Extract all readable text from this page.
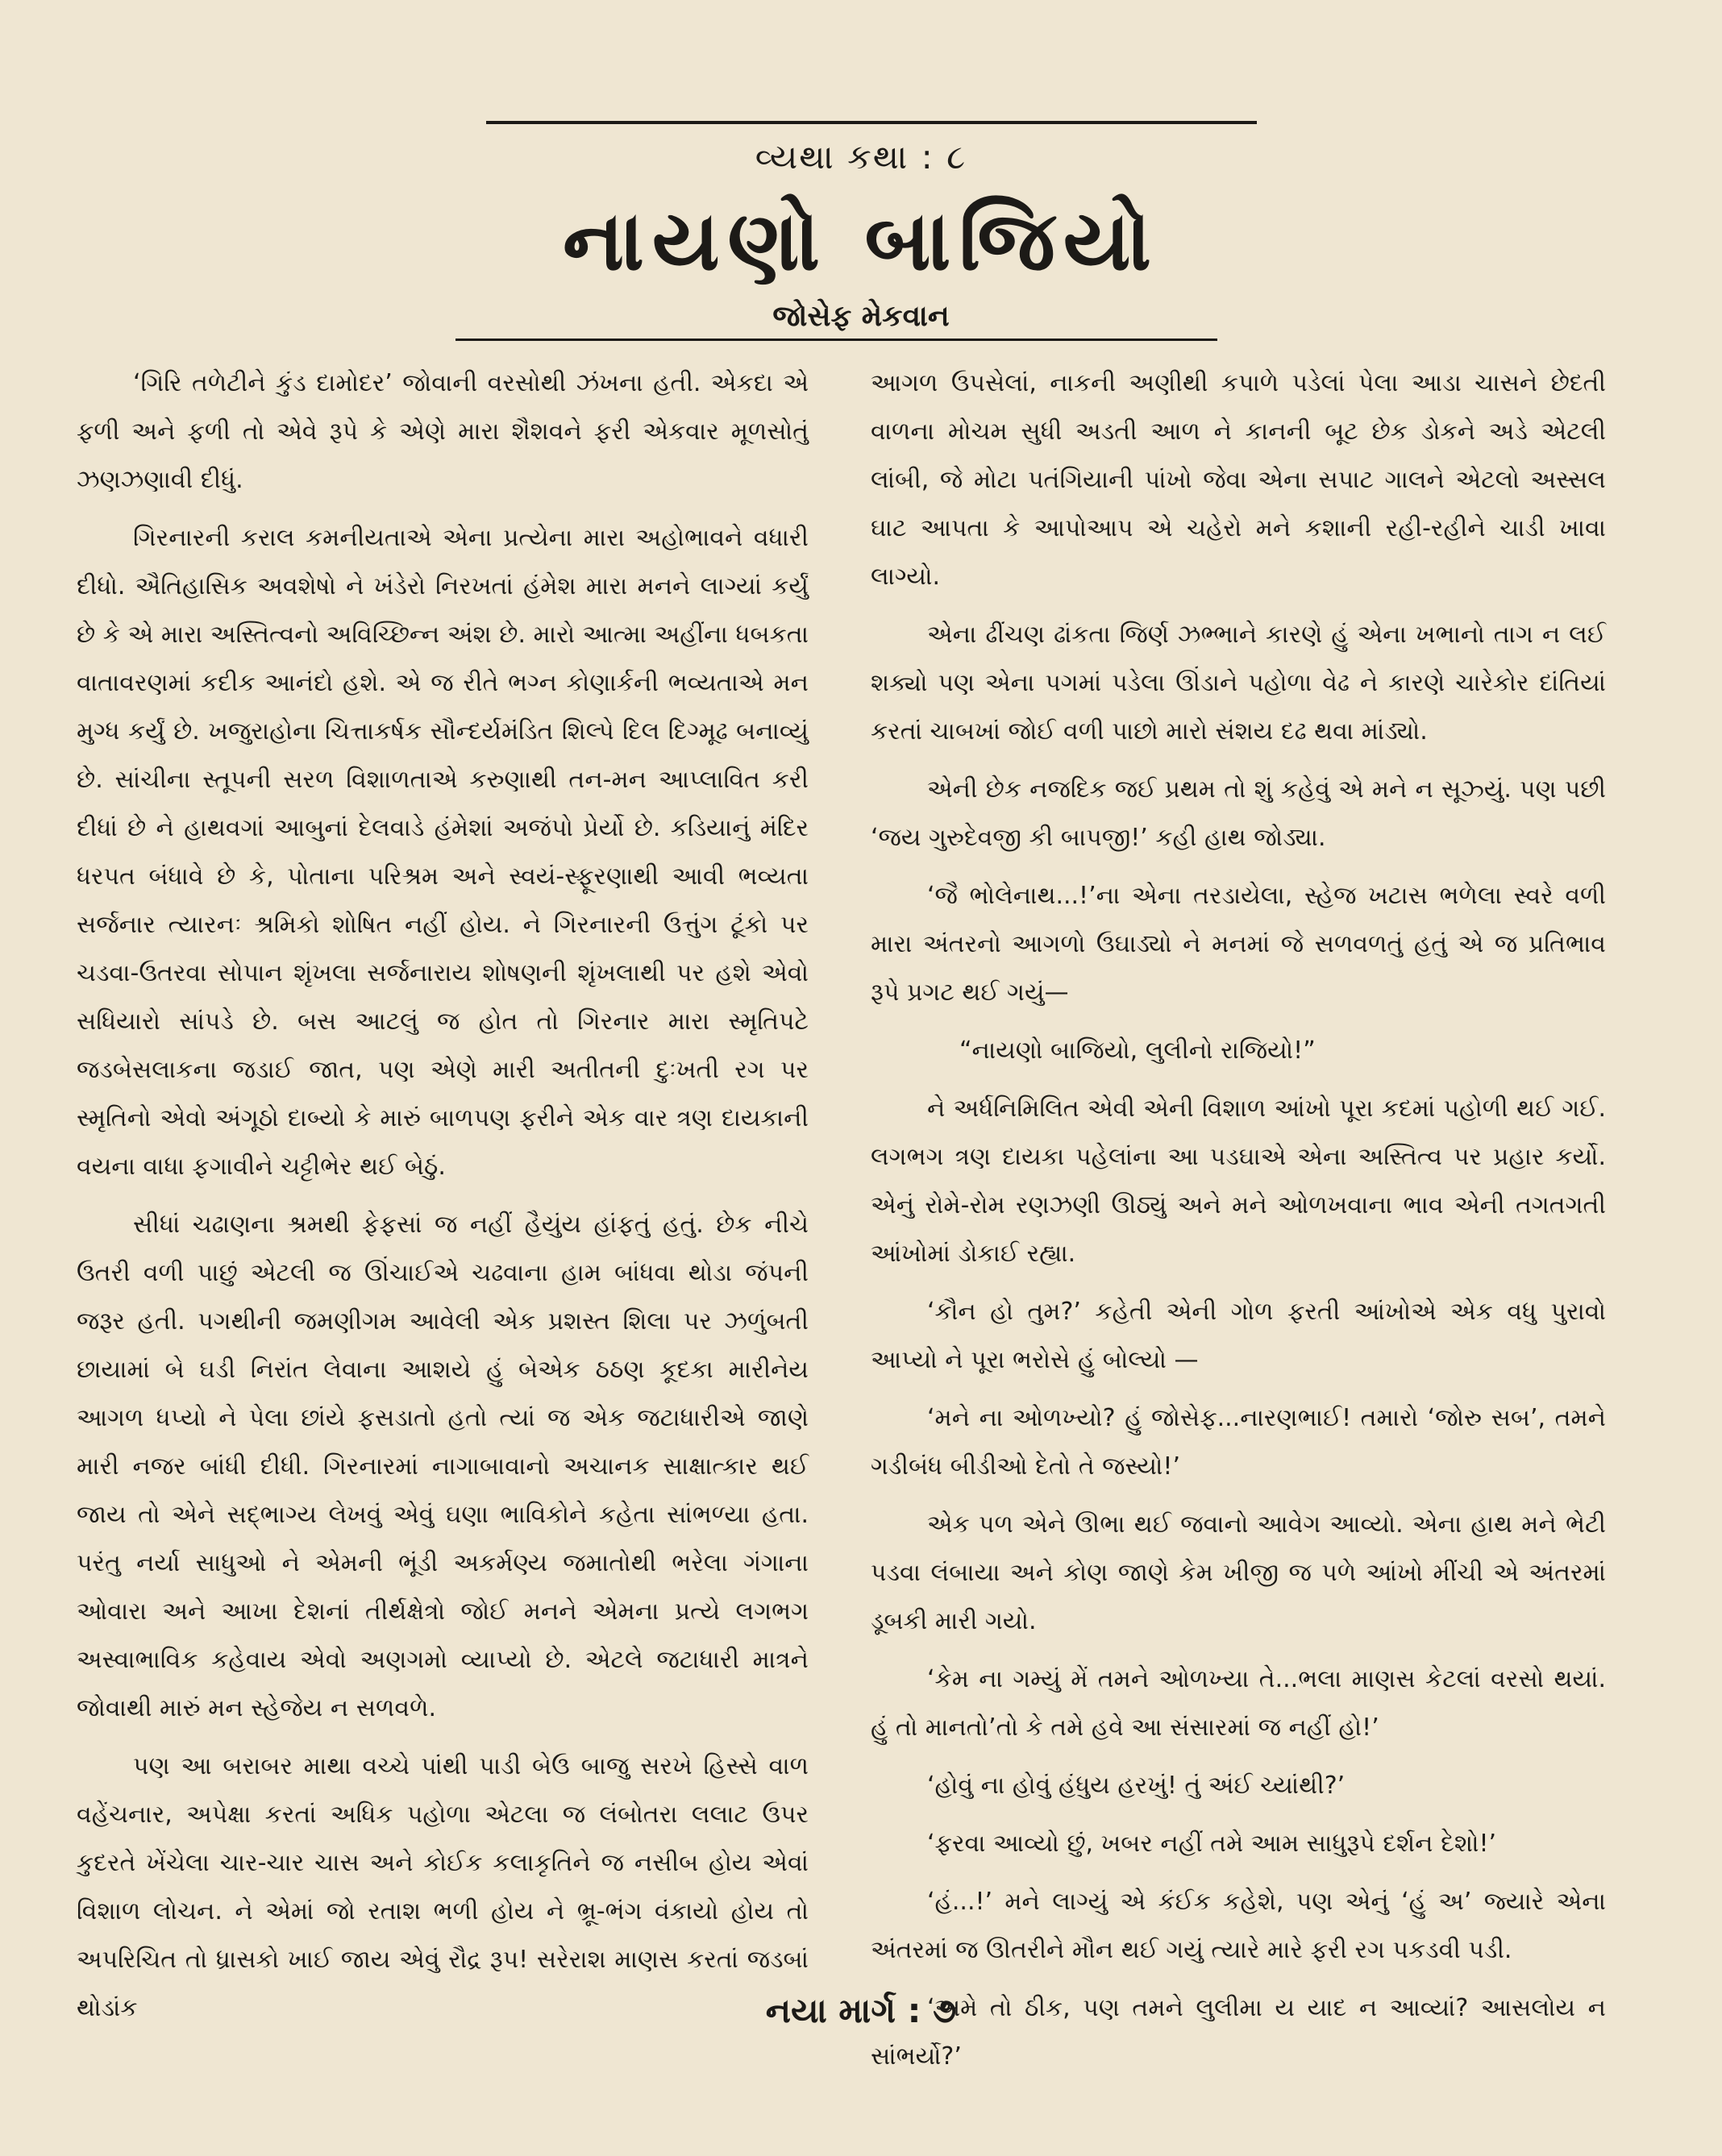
વ્યથા કથા : ૮
નાયણો બાજિયો
જોસેફ મેકવાન

‘ગિરિ તળેટીને કુંડ દામોદર’ જોવાની વરસોથી ઝંખના હતી. એકદા એ ફળી અને ફળી તો એવે રૂપે કે એણે મારા શૈશવને ફરી એકવાર મૂળસોતું ઝણઝણાવી દીધું.

ગિરનારની કરાલ કમનીયતાએ એના પ્રત્યેના મારા અહોભાવને વધારી દીધો. ઐતિહાસિક અવશેષો ને ખંડેરો નિરખતાં હંમેશ મારા મનને લાગ્યાં કર્યું છે કે એ મારા અસ્તિત્વનો અવિચ્છિન્ન અંશ છે. મારો આત્મા અહીંના ધબકતા વાતાવરણમાં કદીક આનંદો હશે. એ જ રીતે ભગ્ન કોણાર્કની ભવ્યતાએ મન મુગ્ધ કર્યું છે. ખજુરાહોના ચિત્તાકર્ષક સૌન્દર્યમંડિત શિલ્પે દિલ દિગ્મૂઢ બનાવ્યું છે. સાંચીના સ્તૂપની સરળ વિશાળતાએ કરુણાથી તન-મન આપ્લાવિત કરી દીધાં છે ને હાથવગાં આબુનાં દેલવાડે હંમેશાં અજંપો પ્રેર્યો છે. કડિયાનું મંદિર ધરપત બંધાવે છે કે, પોતાના પરિશ્રમ અને સ્વયં-સ્ફૂરણાથી આવી ભવ્યતા સર્જનાર ત્યારનઃ શ્રમિકો શોષિત નહીં હોય. ને ગિરનારની ઉત્તુંગ ટૂંકો પર ચડવા-ઉતરવા સોપાન શૃંખલા સર્જનારાય શોષણની શૃંખલાથી પર હશે એવો સધિયારો સાંપડે છે. બસ આટલું જ હોત તો ગિરનાર મારા સ્મૃતિપટે જડબેસલાકના જડાઈ જાત, પણ એણે મારી અતીતની દુઃખતી રગ પર સ્મૃતિનો એવો અંગૂઠો દાબ્યો કે મારું બાળપણ ફરીને એક વાર ત્રણ દાયકાની વયના વાધા ફગાવીને ચટ્ટીભેર થઈ બેઠું.

સીધાં ચઢાણના શ્રમથી ફેફસાં જ નહીં હૈયુંય હાંફતું હતું. છેક નીચે ઉતરી વળી પાછું એટલી જ ઊંચાઈએ ચઢવાના હામ બાંધવા થોડા જંપની જરૂર હતી. પગથીની જમણીગમ આવેલી એક પ્રશસ્ત શિલા પર ઝળુંબતી છાયામાં બે ઘડી નિરાંત લેવાના આશયે હું બેએક ઠઠણ કૂદકા મારીનેય આગળ ધપ્યો ને પેલા છાંયે ફસડાતો હતો ત્યાં જ એક જટાધારીએ જાણે મારી નજર બાંધી દીધી. ગિરનારમાં નાગાબાવાનો અચાનક સાક્ષાત્કાર થઈ જાય તો એને સદ્ભાગ્ય લેખવું એવું ઘણા ભાવિકોને કહેતા સાંભળ્યા હતા. પરંતુ નર્યા સાધુઓ ને એમની ભૂંડી અકર્મણ્ય જમાતોથી ભરેલા ગંગાના ઓવારા અને આખા દેશનાં તીર્થક્ષેત્રો જોઈ મનને એમના પ્રત્યે લગભગ અસ્વાભાવિક કહેવાય એવો અણગમો વ્યાપ્યો છે. એટલે જટાધારી માત્રને જોવાથી મારું મન સ્હેજેય ન સળવળે.

પણ આ બરાબર માથા વચ્ચે પાંથી પાડી બેઉ બાજુ સરખે હિસ્સે વાળ વહેંચનાર, અપેક્ષા કરતાં અધિક પહોળા એટલા જ લંબોતરા લલાટ ઉપર કુદરતે ખેંચેલા ચાર-ચાર ચાસ અને કોઈક કલાકૃતિને જ નસીબ હોય એવાં વિશાળ લોચન. ને એમાં જો રતાશ ભળી હોય ને ભ્રૂ-ભંગ વંકાયો હોય તો અપરિચિત તો ધ્રાસકો ખાઈ જાય એવું રૌદ્ર રૂપ! સરેરાશ માણસ કરતાં જડબાં થોડાંક

આગળ ઉપસેલાં, નાકની અણીથી કપાળે પડેલાં પેલા આડા ચાસને છેદતી વાળના મોચમ સુધી અડતી આળ ને કાનની બૂટ છેક ડોકને અડે એટલી લાંબી, જે મોટા પતંગિયાની પાંખો જેવા એના સપાટ ગાલને એટલો અસ્સલ ઘાટ આપતા કે આપોઆપ એ ચહેરો મને કશાની રહી-રહીને ચાડી ખાવા લાગ્યો.

એના ઢીંચણ ઢાંકતા જિર્ણ ઝભ્ભાને કારણે હું એના ખભાનો તાગ ન લઈ શક્યો પણ એના પગમાં પડેલા ઊંડાને પહોળા વેઢ ને કારણે ચારેકોર દાંતિયાં કરતાં ચાબખાં જોઈ વળી પાછો મારો સંશય દઢ થવા માંડ્યો.

એની છેક નજદિક જઈ પ્રથમ તો શું કહેવું એ મને ન સૂઝ્યું. પણ પછી ‘જય ગુરુદેવજી કી બાપજી!’ કહી હાથ જોડ્યા.

‘જૈ ભોલેનાથ...!’ના એના તરડાયેલા, સ્હેજ ખટાસ ભળેલા સ્વરે વળી મારા અંતરનો આગળો ઉઘાડ્યો ને મનમાં જે સળવળતું હતું એ જ પ્રતિભાવ રૂપે પ્રગટ થઈ ગયું—

“નાયણો બાજિયો, લુલીનો રાજિયો!”

ને અર્ધનિમિલિત એવી એની વિશાળ આંખો પૂરા કદમાં પહોળી થઈ ગઈ. લગભગ ત્રણ દાયકા પહેલાંના આ પડઘાએ એના અસ્તિત્વ પર પ્રહાર કર્યો. એનું રોમે-રોમ રણઝણી ઊઠ્યું અને મને ઓળખવાના ભાવ એની તગતગતી આંખોમાં ડોકાઈ રહ્યા.

‘કૌન હો તુમ?’ કહેતી એની ગોળ ફરતી આંખોએ એક વધુ પુરાવો આપ્યો ને પૂરા ભરોસે હું બોલ્યો —

‘મને ના ઓળખ્યો? હું જોસેફ...નારણભાઈ! તમારો ‘જોરુ સબ’, તમને ગડીબંધ બીડીઓ દેતો તે જસ્યો!’

એક પળ એને ઊભા થઈ જવાનો આવેગ આવ્યો. એના હાથ મને ભેટી પડવા લંબાયા અને કોણ જાણે કેમ ખીજી જ પળે આંખો મીંચી એ અંતરમાં ડૂબકી મારી ગયો.

‘કેમ ના ગમ્યું મેં તમને ઓળખ્યા તે...ભલા માણસ કેટલાં વરસો થયાં. હું તો માનતો’તો કે તમે હવે આ સંસારમાં જ નહીં હો!’

‘હોવું ના હોવું હંધુય હરખું! તું અંઈ ચ્યાંથી?’

‘ફરવા આવ્યો છું, ખબર નહીં તમે આમ સાધુરૂપે દર્શન દેશો!’

‘હં...!’ મને લાગ્યું એ કંઈક કહેશે, પણ એનું ‘હું અ’ જ્યારે એના અંતરમાં જ ઊતરીને મૌન થઈ ગયું ત્યારે મારે ફરી રગ પકડવી પડી.

‘અમે તો ઠીક, પણ તમને લુલીમા ય યાદ ન આવ્યાં? આસલોય ન સાંભર્યો?’

નયા માર્ગ : ૭
